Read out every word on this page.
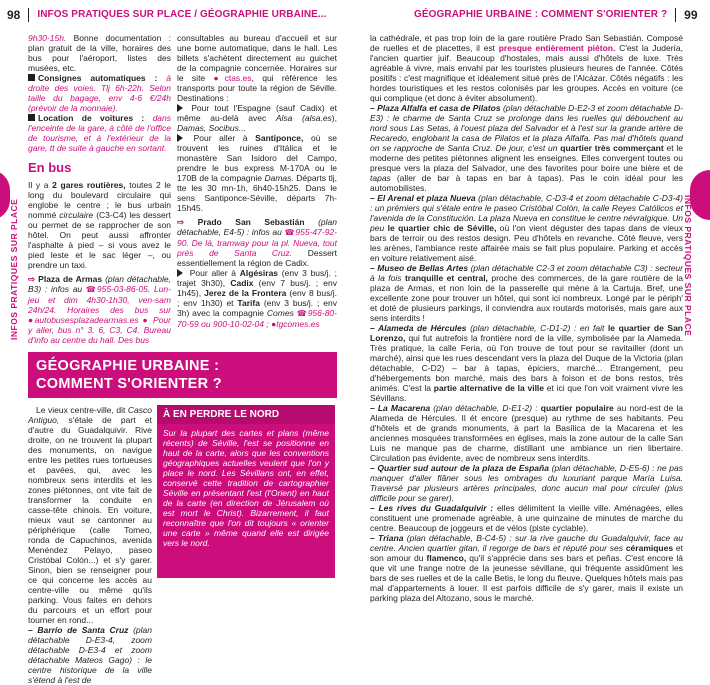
98 INFOS PRATIQUES SUR PLACE / GÉOGRAPHIE URBAINE...	GÉOGRAPHIE URBAINE : COMMENT S'ORIENTER ? 99
INFOS PRATIQUES SUR PLACE	INFOS PRATIQUES SUR PLACE

9h30-15h. Bonne documentation : plan gratuit de la ville, horaires des bus pour l'aéroport, listes des musées, etc.

Consignes automatiques : à droite des voies. Tlj 6h-22h. Selon taille du bagage, env 4-6 €/24h (prévoir de la monnaie).

Location de voitures : dans l'enceinte de la gare, à côté de l'office de tourisme, et à l'extérieur de la gare, tt de suite à gauche en sortant.

En bus

Il y a 2 gares routières, toutes 2 le long du boulevard circulaire qui englobe le centre ; le bus urbain nommé circulaire (C3-C4) les dessert ou permet de se rapprocher de son hôtel. On peut aussi affronter l'asphalte à pied – si vous avez le pied leste et le sac léger –, ou prendre un taxi.

⇨ Plaza de Armas (plan détachable, B3) : infos au ☎955-03-86-05. Lun-jeu et dim 4h30-1h30, ven-sam 24h/24. Horaires des bus sur ●autobusesplazadearmas.es ● Pour y aller, bus n° 3, 6, C3, C4. Bureau d'info au centre du hall. Des bus

consultables au bureau d'accueil et sur une borne automatique, dans le hall. Les billets s'achètent directement au guichet de la compagnie concernée. Horaires sur le site ●ctas.es, qui référence les transports pour toute la région de Séville. Destinations :

Pour tout l'Espagne (sauf Cadix) et même au-delà avec Alsa (alsa.es), Damas, Socibus...

Pour aller à Santiponce, où se trouvent les ruines d'Itálica et le monastère San Isidoro del Campo, prendre le bus express M-170A ou le 170B de la compagnie Damas. Départs tlj, tte les 30 mn-1h, 6h40-15h25. Dans le sens Santiponce-Séville, départs 7h-15h45.

⇨ Prado San Sebastián (plan détachable, E4-5) : infos au ☎955-47-92-90. De là, tramway pour la pl. Nueva, tout près de Santa Cruz. Dessert essentiellement la région de Cadix.

Pour aller à Algésiras (env 3 bus/j. ; trajet 3h30), Cadix (env 7 bus/j. ; env 1h45), Jerez de la Frontera (env 8 bus/j. ; env 1h30) et Tarifa (env 3 bus/j. ; env 3h) avec la compagnie Comes ☎956-80-70-59 ou 900-10-02-04 ; ●tgcomes.es

GÉOGRAPHIE URBAINE :
COMMENT S'ORIENTER ?

Le vieux centre-ville, dit Casco Antiguo, s'étale de part et d'autre du Guadalquivir. Rive droite, on ne trouvent la plupart des monuments, on navigue entre les petites rues tortueuses et pavées, qui, avec les nombreux sens interdits et les zones piétonnes, ont vite fait de transformer la conduite en casse-tête chinois. En voiture, mieux vaut se cantonner au périphérique (calle Tomeo, ronda de Capuchinos, avenida Menéndez Pelayo, paseo Cristóbal Colón...) et s'y garer. Sinon, bien se renseigner pour ce qui concerne les accès au centre-ville ou même qu'ils parking. Vous faites en dehors du parcours et un effort pour tourner en rond...

– Barrio de Santa Cruz (plan détachable D-E3-4, zoom détachable D-E3-4 et zoom détachable Mateos Gago) : le centre historique de la ville s'étend à l'est de

À EN PERDRE LE NORD
Sur la plupart des cartes et plans (même récents) de Séville, l'est se positionne en haut de la carte, alors que les conventions géographiques actuelles veulent que l'on y place le nord. Les Sévillans ont, en effet, conservé cette tradition de cartographier Séville en présentant l'est (l'Orient) en haut de la carte (en direction de Jérusalem où est mort le Christ). Bizarrement, il faut reconnaître que l'on dit toujours « orienter une carte » même quand elle est dirigée vers le nord.

la cathédrale, et pas trop loin de la gare routière Prado San Sebastián. Composé de ruelles et de placettes, il est presque entièrement piéton. C'est la Judería, l'ancien quartier juif. Beaucoup d'hostales, mais aussi d'hôtels de luxe. Très agréable à vivre, mais envahi par les touristes plusieurs heures de l'année. Côtés positifs : c'est magnifique et idéalement situé près de l'Alcázar. Côtés négatifs : les hordes touristiques et les restos colonisés par les groupes. Accès en voiture (ce qui complique (et donc à éviter absolument).

– Plaza Alfalfa et casa de Pilatos (plan détachable D-E2-3 et zoom détachable D-E3) : le charme de Santa Cruz se prolonge dans les ruelles qui débouchent au nord sous Las Setas, à l'ouest plaza del Salvador et à l'est sur la grande artère de Recaredo, englobant la casa de Pilatos et la plaza Alfalfa. Pas mal d'hôtels quand on se rapproche de Santa Cruz. De jour, c'est un quartier très commerçant et le moderne des petites piétonnes alignent les enseignes. Elles convergent toutes ou presque vers la plaza del Salvador, une des favorites pour boire une bière et de tapas (aller de bar à tapas en bar à tapas). Pas le coin idéal pour les automobilistes.

– El Arenal et plaza Nueva (plan détachable, C-D3-4 et zoom détachable C-D3-4) : un prémiers qui s'étale entre le paseo Cristóbal Colón, la calle Reyes Católicos et l'avenida de la Constitución. La plaza Nueva en constitue le centre névralgique. Un peu le quartier chic de Séville, où l'on vient déguster des tapas dans de vieux bars de terroir ou des restos design. Peu d'hôtels en revanche. Côté fleuve, vers les arènes, l'ambiance reste affairée mais se fait plus populaire. Parking et accès en voiture relativement aisé.

– Museo de Bellas Artes (plan détachable C2-3 et zoom détachable C3) : secteur à la fois tranquille et central, proche des commerces, de la gare routière de la plaza de Armas, et non loin de la passerelle qui mène à la Cartuja. Bref, une excellente zone pour trouver un hôtel, qui sont ici nombreux. Longé par le périph' et doté de plusieurs parkings, il conviendra aux routards motorisés, mais gare aux sens interdits !

– Alameda de Hércules (plan détachable, C-D1-2) : en fait le quartier de San Lorenzo, qui fut autrefois la frontière nord de la ville, symbolisée par la Alameda. Très pratique, la calle Feria, où l'on trouve de tout pour se ravitailler (dont un marché), ainsi que les rues descendant vers la plaza del Duque de la Victoria (plan détachable, C-D2) – bar à tapas, épiciers, marché... Étrangement, peu d'hébergements bon marché, mais des bars à foison et de bons restos, très animés. C'est la partie alternative de la ville et ici que l'on voit vraiment vivre les Sévillans.

– La Macarena (plan détachable, D-E1-2) : quartier populaire au nord-est de la Alameda de Hércules. Il ét encore (presque) au rythme de ses habitants. Peu d'hôtels et de grands monuments, à part la Basílica de la Macarena et les anciennes mosquées transformées en églises, mais la zone autour de la calle San Luis ne manque pas de charme, distillant une ambiance un rien libertaire. Circulation pas évidente, avec de nombreux sens interdits.

– Quartier sud autour de la plaza de España (plan détachable, D-E5-6) : ne pas manquer d'aller flâner sous les ombrages du luxuriant parque María Luisa. Traversé par plusieurs artères principales, donc aucun mal pour circuler (plus difficile pour se garer).

– Les rives du Guadalquivir : elles délimitent la vieille ville. Aménagées, elles constituent une promenade agréable, à une quinzaine de minutes de marche du centre. Beaucoup de joggeurs et de vélos (piste cyclable).

– Triana (plan détachable, B-C4-5) : sur la rive gauche du Guadalquivir, face au centre. Ancien quartier gitan, il regorge de bars et réputé pour ses céramiques et son amour du flamenco, qu'il s'apprécie dans ses bars et peñas. C'est encore là que vit une frange notre de la jeunesse sévillane, qui fréquente assidûment les bars de ses ruelles et de la calle Betis, le long du fleuve. Quelques hôtels mais pas mal d'appartements à louer. Il est parfois difficile de s'y garer, mais il existe un parking plaza del Altozano, sous le marché.
